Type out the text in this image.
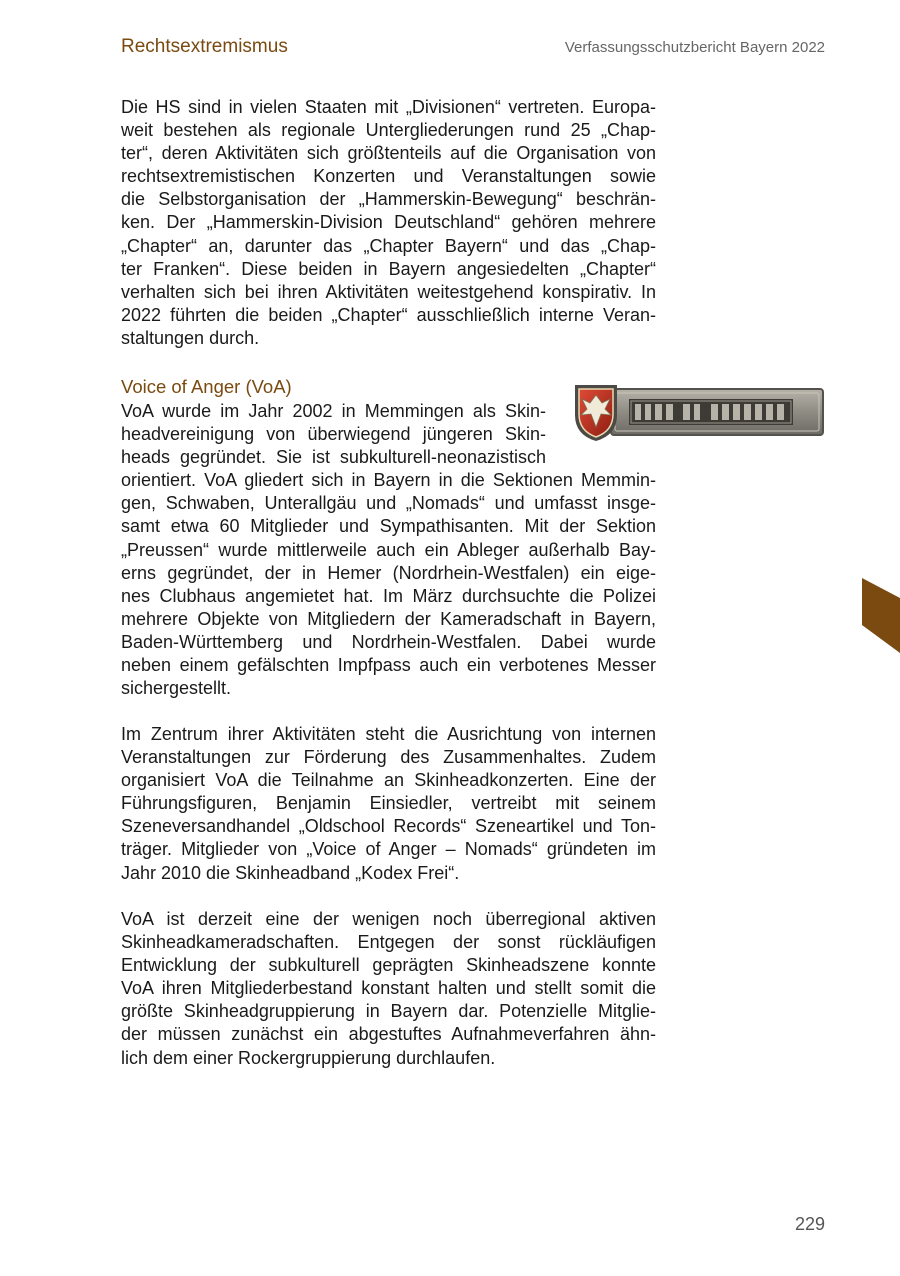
Rechtsextremismus	Verfassungsschutzbericht Bayern 2022
Die HS sind in vielen Staaten mit „Divisionen“ vertreten. Europa-
weit bestehen als regionale Untergliederungen rund 25 „Chap-
ter“, deren Aktivitäten sich größtenteils auf die Organisation von
rechtsextremistischen Konzerten und Veranstaltungen sowie
die Selbstorganisation der „Hammerskin-Bewegung“ beschrän-
ken. Der „Hammerskin-Division Deutschland“ gehören mehrere
„Chapter“ an, darunter das „Chapter Bayern“ und das „Chap-
ter Franken“. Diese beiden in Bayern angesiedelten „Chapter“
verhalten sich bei ihren Aktivitäten weitestgehend konspirativ. In
2022 führten die beiden „Chapter“ ausschließlich interne Veran-
staltungen durch.
Voice of Anger (VoA)
VoA wurde im Jahr 2002 in Memmingen als Skin-
headvereinigung von überwiegend jüngeren Skin-
heads gegründet. Sie ist subkulturell-neonazistisch
orientiert. VoA gliedert sich in Bayern in die Sektionen Memmin-
gen, Schwaben, Unterallgäu und „Nomads“ und umfasst insge-
samt etwa 60 Mitglieder und Sympathisanten. Mit der Sektion
„Preussen“ wurde mittlerweile auch ein Ableger außerhalb Bay-
erns gegründet, der in Hemer (Nordrhein-Westfalen) ein eige-
nes Clubhaus angemietet hat. Im März durchsuchte die Polizei
mehrere Objekte von Mitgliedern der Kameradschaft in Bayern,
Baden-Württemberg und Nordrhein-Westfalen. Dabei wurde
neben einem gefälschten Impfpass auch ein verbotenes Messer
sichergestellt.
Im Zentrum ihrer Aktivitäten steht die Ausrichtung von internen
Veranstaltungen zur Förderung des Zusammenhaltes. Zudem
organisiert VoA die Teilnahme an Skinheadkonzerten. Eine der
Führungsfiguren, Benjamin Einsiedler, vertreibt mit seinem
Szeneversandhandel „Oldschool Records“ Szeneartikel und Ton-
träger. Mitglieder von „Voice of Anger – Nomads“ gründeten im
Jahr 2010 die Skinheadband „Kodex Frei“.
VoA ist derzeit eine der wenigen noch überregional aktiven
Skinheadkameradschaften. Entgegen der sonst rückläufigen
Entwicklung der subkulturell geprägten Skinheadszene konnte
VoA ihren Mitgliederbestand konstant halten und stellt somit die
größte Skinheadgruppierung in Bayern dar. Potenzielle Mitglie-
der müssen zunächst ein abgestuftes Aufnahmeverfahren ähn-
lich dem einer Rockergruppierung durchlaufen.
229
